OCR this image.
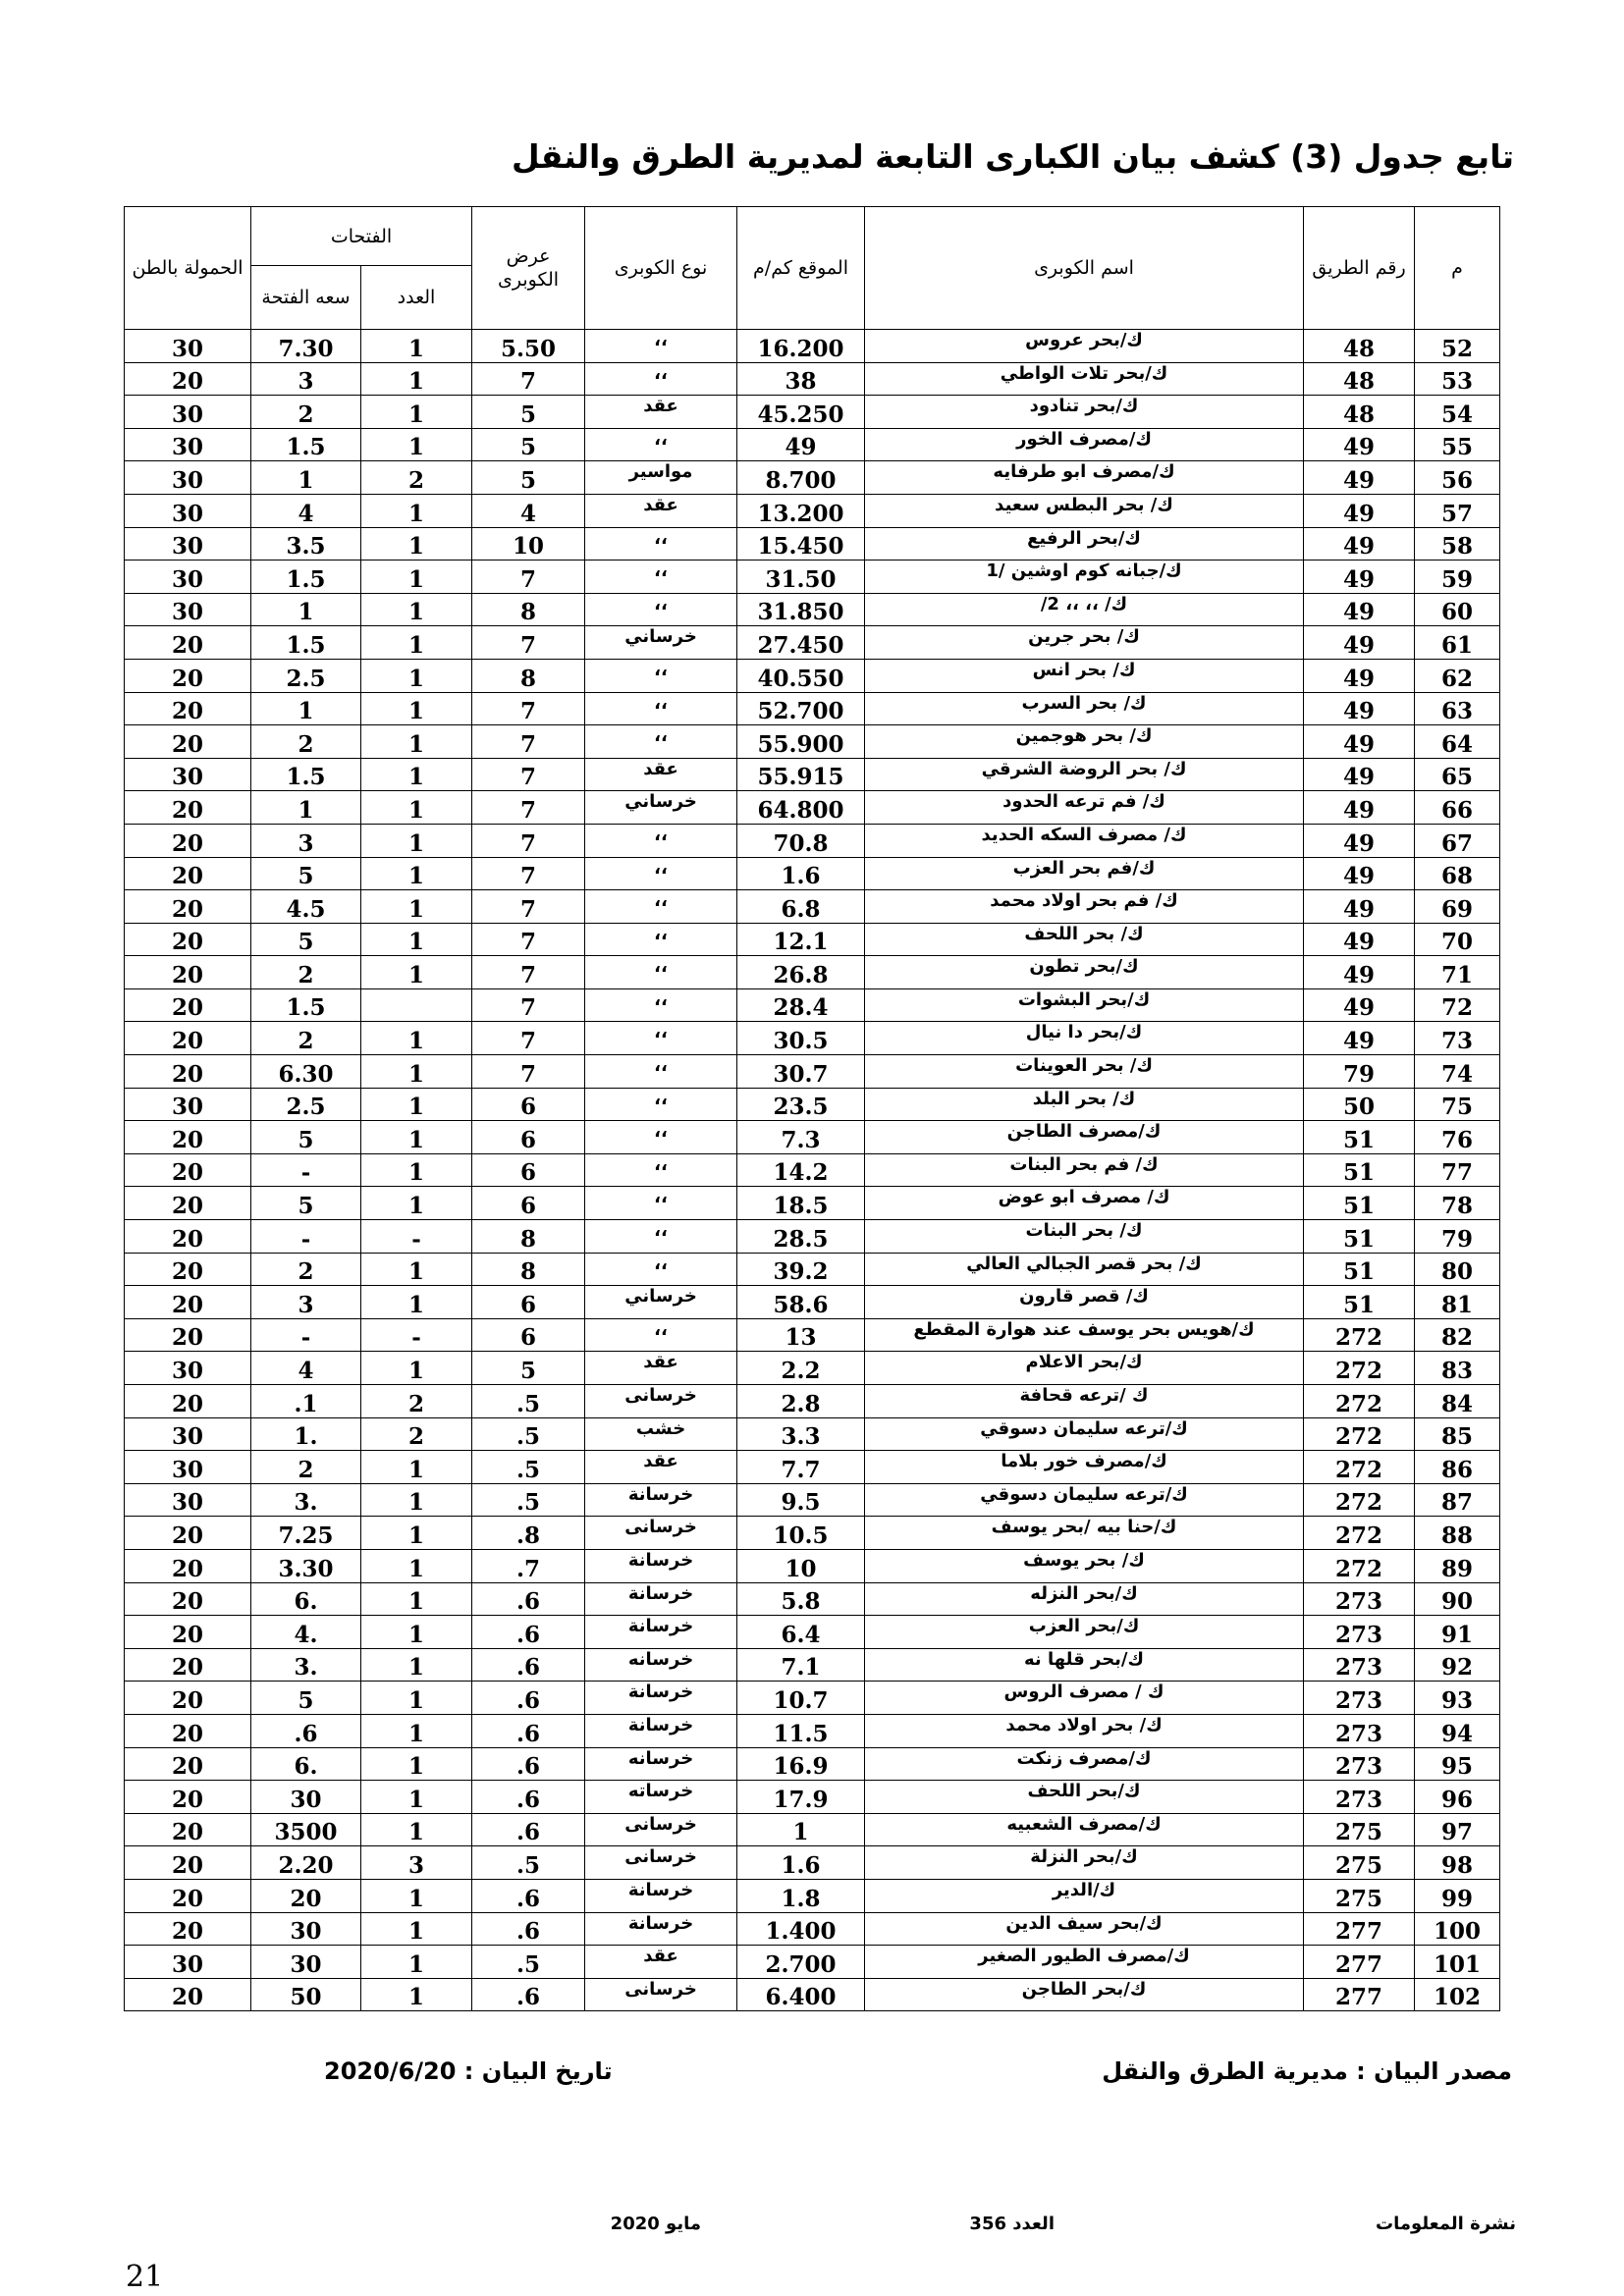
تابع جدول (3) كشف بيان الكبارى التابعة لمديرية الطرق والنقل
م	رقم الطريق	اسم الكوبرى	الموقع كم/م	نوع الكوبرى	عرض الكوبرى	الفتحات		الحمولة بالطن
						العدد	سعه الفتحة	
52	48	ك/بحر عروس	16.200	،،	5.50	1	7.30	30
53	48	ك/بحر تلات الواطي	38	،،	7	1	3	20
54	48	ك/بحر تنادود	45.250	عقد	5	1	2	30
55	49	ك/مصرف الخور	49	،،	5	1	1.5	30
56	49	ك/مصرف ابو طرفايه	8.700	مواسير	5	2	1	30
57	49	ك/ بحر البطس سعيد	13.200	عقد	4	1	4	30
58	49	ك/بحر الرفيع	15.450	،،	10	1	3.5	30
59	49	ك/جبانه كوم اوشين /1	31.50	،،	7	1	1.5	30
60	49	ك/ ،، ،، 2/	31.850	،،	8	1	1	30
61	49	ك/ بحر جرين	27.450	خرساني	7	1	1.5	20
62	49	ك/ بحر انس	40.550	،،	8	1	2.5	20
63	49	ك/ بحر السرب	52.700	،،	7	1	1	20
64	49	ك/ بحر هوجمين	55.900	،،	7	1	2	20
65	49	ك/ بحر الروضة الشرقي	55.915	عقد	7	1	1.5	30
66	49	ك/ فم ترعه الحدود	64.800	خرساني	7	1	1	20
67	49	ك/ مصرف السكه الحديد	70.8	،،	7	1	3	20
68	49	ك/فم بحر العزب	1.6	،،	7	1	5	20
69	49	ك/ فم بحر اولاد محمد	6.8	،،	7	1	4.5	20
70	49	ك/ بحر اللحف	12.1	،،	7	1	5	20
71	49	ك/بحر تطون	26.8	،،	7	1	2	20
72	49	ك/بحر البشوات	28.4	،،	7		1.5	20
73	49	ك/بحر دا نيال	30.5	،،	7	1	2	20
74	79	ك/ بحر العوينات	30.7	،،	7	1	6.30	20
75	50	ك/ بحر البلد	23.5	،،	6	1	2.5	30
76	51	ك/مصرف الطاجن	7.3	،،	6	1	5	20
77	51	ك/ فم بحر البنات	14.2	،،	6	1	-	20
78	51	ك/ مصرف ابو عوض	18.5	،،	6	1	5	20
79	51	ك/ بحر البنات	28.5	،،	8	-	-	20
80	51	ك/ بحر قصر الجبالي العالي	39.2	،،	8	1	2	20
81	51	ك/ قصر قارون	58.6	خرساني	6	1	3	20
82	272	ك/هويس بحر يوسف عند هوارة المقطع	13	،،	6	-	-	20
83	272	ك/بحر الاعلام	2.2	عقد	5	1	4	30
84	272	ك /ترعه قحافة	2.8	خرسانى	5.	2	1.	20
85	272	ك/ترعه سليمان دسوقي	3.3	خشب	5.	2	.1	30
86	272	ك/مصرف خور بلاما	7.7	عقد	5.	1	2	30
87	272	ك/ترعه سليمان دسوقي	9.5	خرسانة	5.	1	.3	30
88	272	ك/حنا بيه /بحر يوسف	10.5	خرسانى	8.	1	7.25	20
89	272	ك/ بحر يوسف	10	خرسانة	7.	1	3.30	20
90	273	ك/بحر النزله	5.8	خرسانة	6.	1	.6	20
91	273	ك/بحر العزب	6.4	خرسانة	6.	1	.4	20
92	273	ك/بحر قلها نه	7.1	خرسانه	6.	1	.3	20
93	273	ك / مصرف الروس	10.7	خرسانة	6.	1	5	20
94	273	ك/ بحر اولاد محمد	11.5	خرسانة	6.	1	6.	20
95	273	ك/مصرف زنكت	16.9	خرسانه	6.	1	.6	20
96	273	ك/بحر اللحف	17.9	خرساته	6.	1	30	20
97	275	ك/مصرف الشعبيه	1	خرسانى	6.	1	3500	20
98	275	ك/بحر النزلة	1.6	خرسانى	5.	3	2.20	20
99	275	ك/الدير	1.8	خرسانة	6.	1	20	20
100	277	ك/بحر سيف الدين	1.400	خرسانة	6.	1	30	20
101	277	ك/مصرف الطيور الصغير	2.700	عقد	5.	1	30	30
102	277	ك/بحر الطاجن	6.400	خرسانى	6.	1	50	20
مصدر البيان : مديرية الطرق والنقل
تاريخ البيان : 2020/6/20
نشرة المعلومات
العدد 356
مايو 2020
21
